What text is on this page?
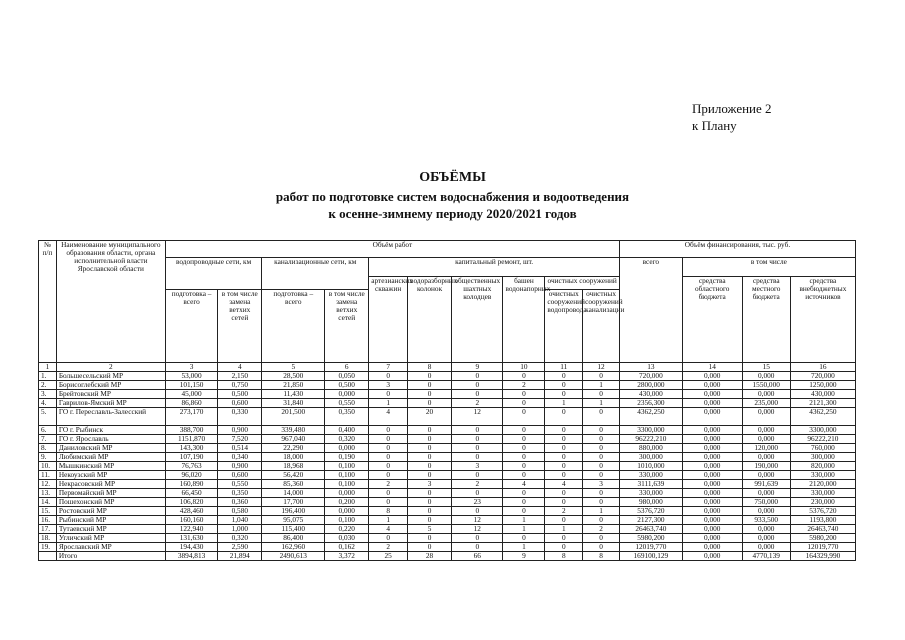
Приложение 2
к Плану
ОБЪЁМЫ
работ по подготовке систем водоснабжения и водоотведения
к осенне-зимнему периоду 2020/2021 годов
№ п/п	Наименование муниципального образования области, органа исполнительной власти Ярославской области	Объём работ										Объём финансирования, тыс. руб.			
		водопроводные сети, км		канализационные сети, км		капитальный ремонт, шт.						всего	в том числе		
						артезианских скважин	водоразборных колонок	общественных шахтных колодцев	башен водонапорных	очистных сооружений			средства областного бюджета	средства местного бюджета	средства внебюджетных источников
		подготовка – всего	в том числе замена ветхих сетей	подготовка – всего	в том числе замена ветхих сетей					очистных сооружений водопровода	очистных сооружений канализации				
1	2	3	4	5	6	7	8	9	10	11	12	13	14	15	16
1.	Большесельский МР	53,000	2,150	28,500	0,050	0	0	0	0	0	0	720,000	0,000	0,000	720,000
2.	Борисоглебский МР	101,150	0,750	21,850	0,500	3	0	0	2	0	1	2800,000	0,000	1550,000	1250,000
3.	Брейтовский МР	45,000	0,500	11,430	0,000	0	0	0	0	0	0	430,000	0,000	0,000	430,000
4.	Гаврилов-Ямский МР	86,860	0,600	31,840	0,550	1	0	2	0	1	1	2356,300	0,000	235,000	2121,300
5.	ГО г. Переславль-Залесский	273,170	0,330	201,500	0,350	4	20	12	0	0	0	4362,250	0,000	0,000	4362,250
6.	ГО г. Рыбинск	388,700	0,900	339,480	0,400	0	0	0	0	0	0	3300,000	0,000	0,000	3300,000
7.	ГО г. Ярославль	1151,870	7,520	967,040	0,320	0	0	0	0	0	0	96222,210	0,000	0,000	96222,210
8.	Даниловский МР	143,300	0,514	22,290	0,000	0	0	0	0	0	0	880,000	0,000	120,000	760,000
9.	Любимский МР	107,190	0,340	18,000	0,190	0	0	0	0	0	0	300,000	0,000	0,000	300,000
10.	Мышкинский МР	76,763	0,900	18,968	0,100	0	0	3	0	0	0	1010,000	0,000	190,000	820,000
11.	Некоузский МР	96,020	0,600	56,420	0,100	0	0	0	0	0	0	330,000	0,000	0,000	330,000
12.	Некрасовский МР	160,890	0,550	85,360	0,100	2	3	2	4	4	3	3111,639	0,000	991,639	2120,000
13.	Первомайский МР	66,450	0,350	14,000	0,000	0	0	0	0	0	0	330,000	0,000	0,000	330,000
14.	Пошехонский МР	106,820	0,360	17,700	0,200	0	0	23	0	0	0	980,000	0,000	750,000	230,000
15.	Ростовский МР	428,460	0,580	196,400	0,000	8	0	0	0	2	1	5376,720	0,000	0,000	5376,720
16.	Рыбинский МР	160,160	1,040	95,075	0,100	1	0	12	1	0	0	2127,300	0,000	933,500	1193,800
17.	Тутаевский МР	122,940	1,000	115,400	0,220	4	5	12	1	1	2	26463,740	0,000	0,000	26463,740
18.	Угличский МР	131,630	0,320	86,400	0,030	0	0	0	0	0	0	5980,200	0,000	0,000	5980,200
19.	Ярославский МР	194,430	2,590	162,960	0,162	2	0	0	1	0	0	12019,770	0,000	0,000	12019,770
	Итого	3894,813	21,894	2490,613	3,372	25	28	66	9	8	8	169100,129	0,000	4770,139	164329,990
